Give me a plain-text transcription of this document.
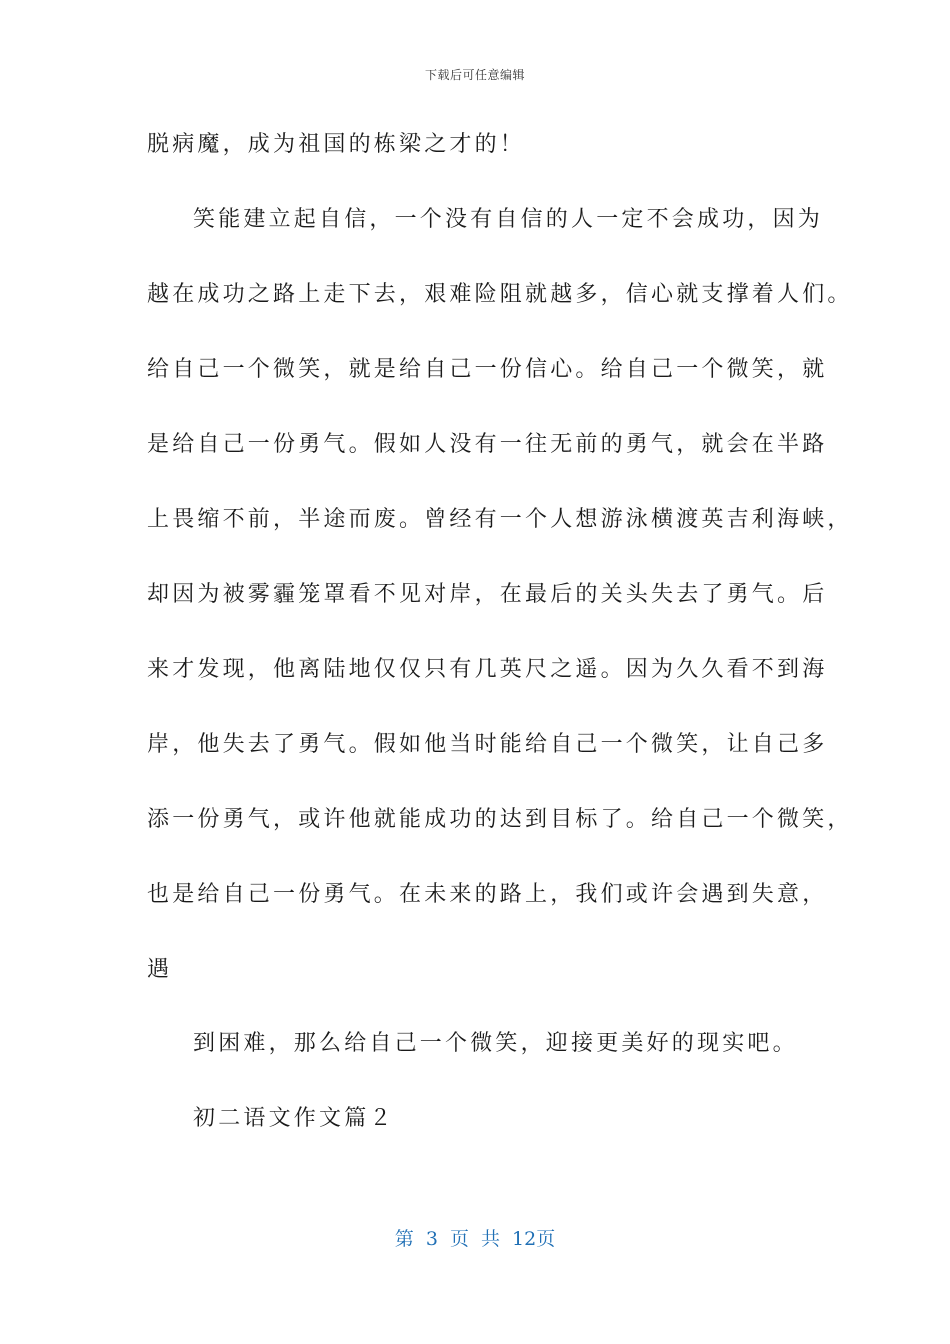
下载后可任意编辑
脱病魔，成为祖国的栋梁之才的！
笑能建立起自信，一个没有自信的人一定不会成功，因为
越在成功之路上走下去，艰难险阻就越多，信心就支撑着人们。
给自己一个微笑，就是给自己一份信心。给自己一个微笑，就
是给自己一份勇气。假如人没有一往无前的勇气，就会在半路
上畏缩不前，半途而废。曾经有一个人想游泳横渡英吉利海峡，
却因为被雾霾笼罩看不见对岸，在最后的关头失去了勇气。后
来才发现，他离陆地仅仅只有几英尺之遥。因为久久看不到海
岸，他失去了勇气。假如他当时能给自己一个微笑，让自己多
添一份勇气，或许他就能成功的达到目标了。给自己一个微笑，
也是给自己一份勇气。在未来的路上，我们或许会遇到失意，
遇
到困难，那么给自己一个微笑，迎接更美好的现实吧。
初二语文作文篇２
第 3 页 共 12页
